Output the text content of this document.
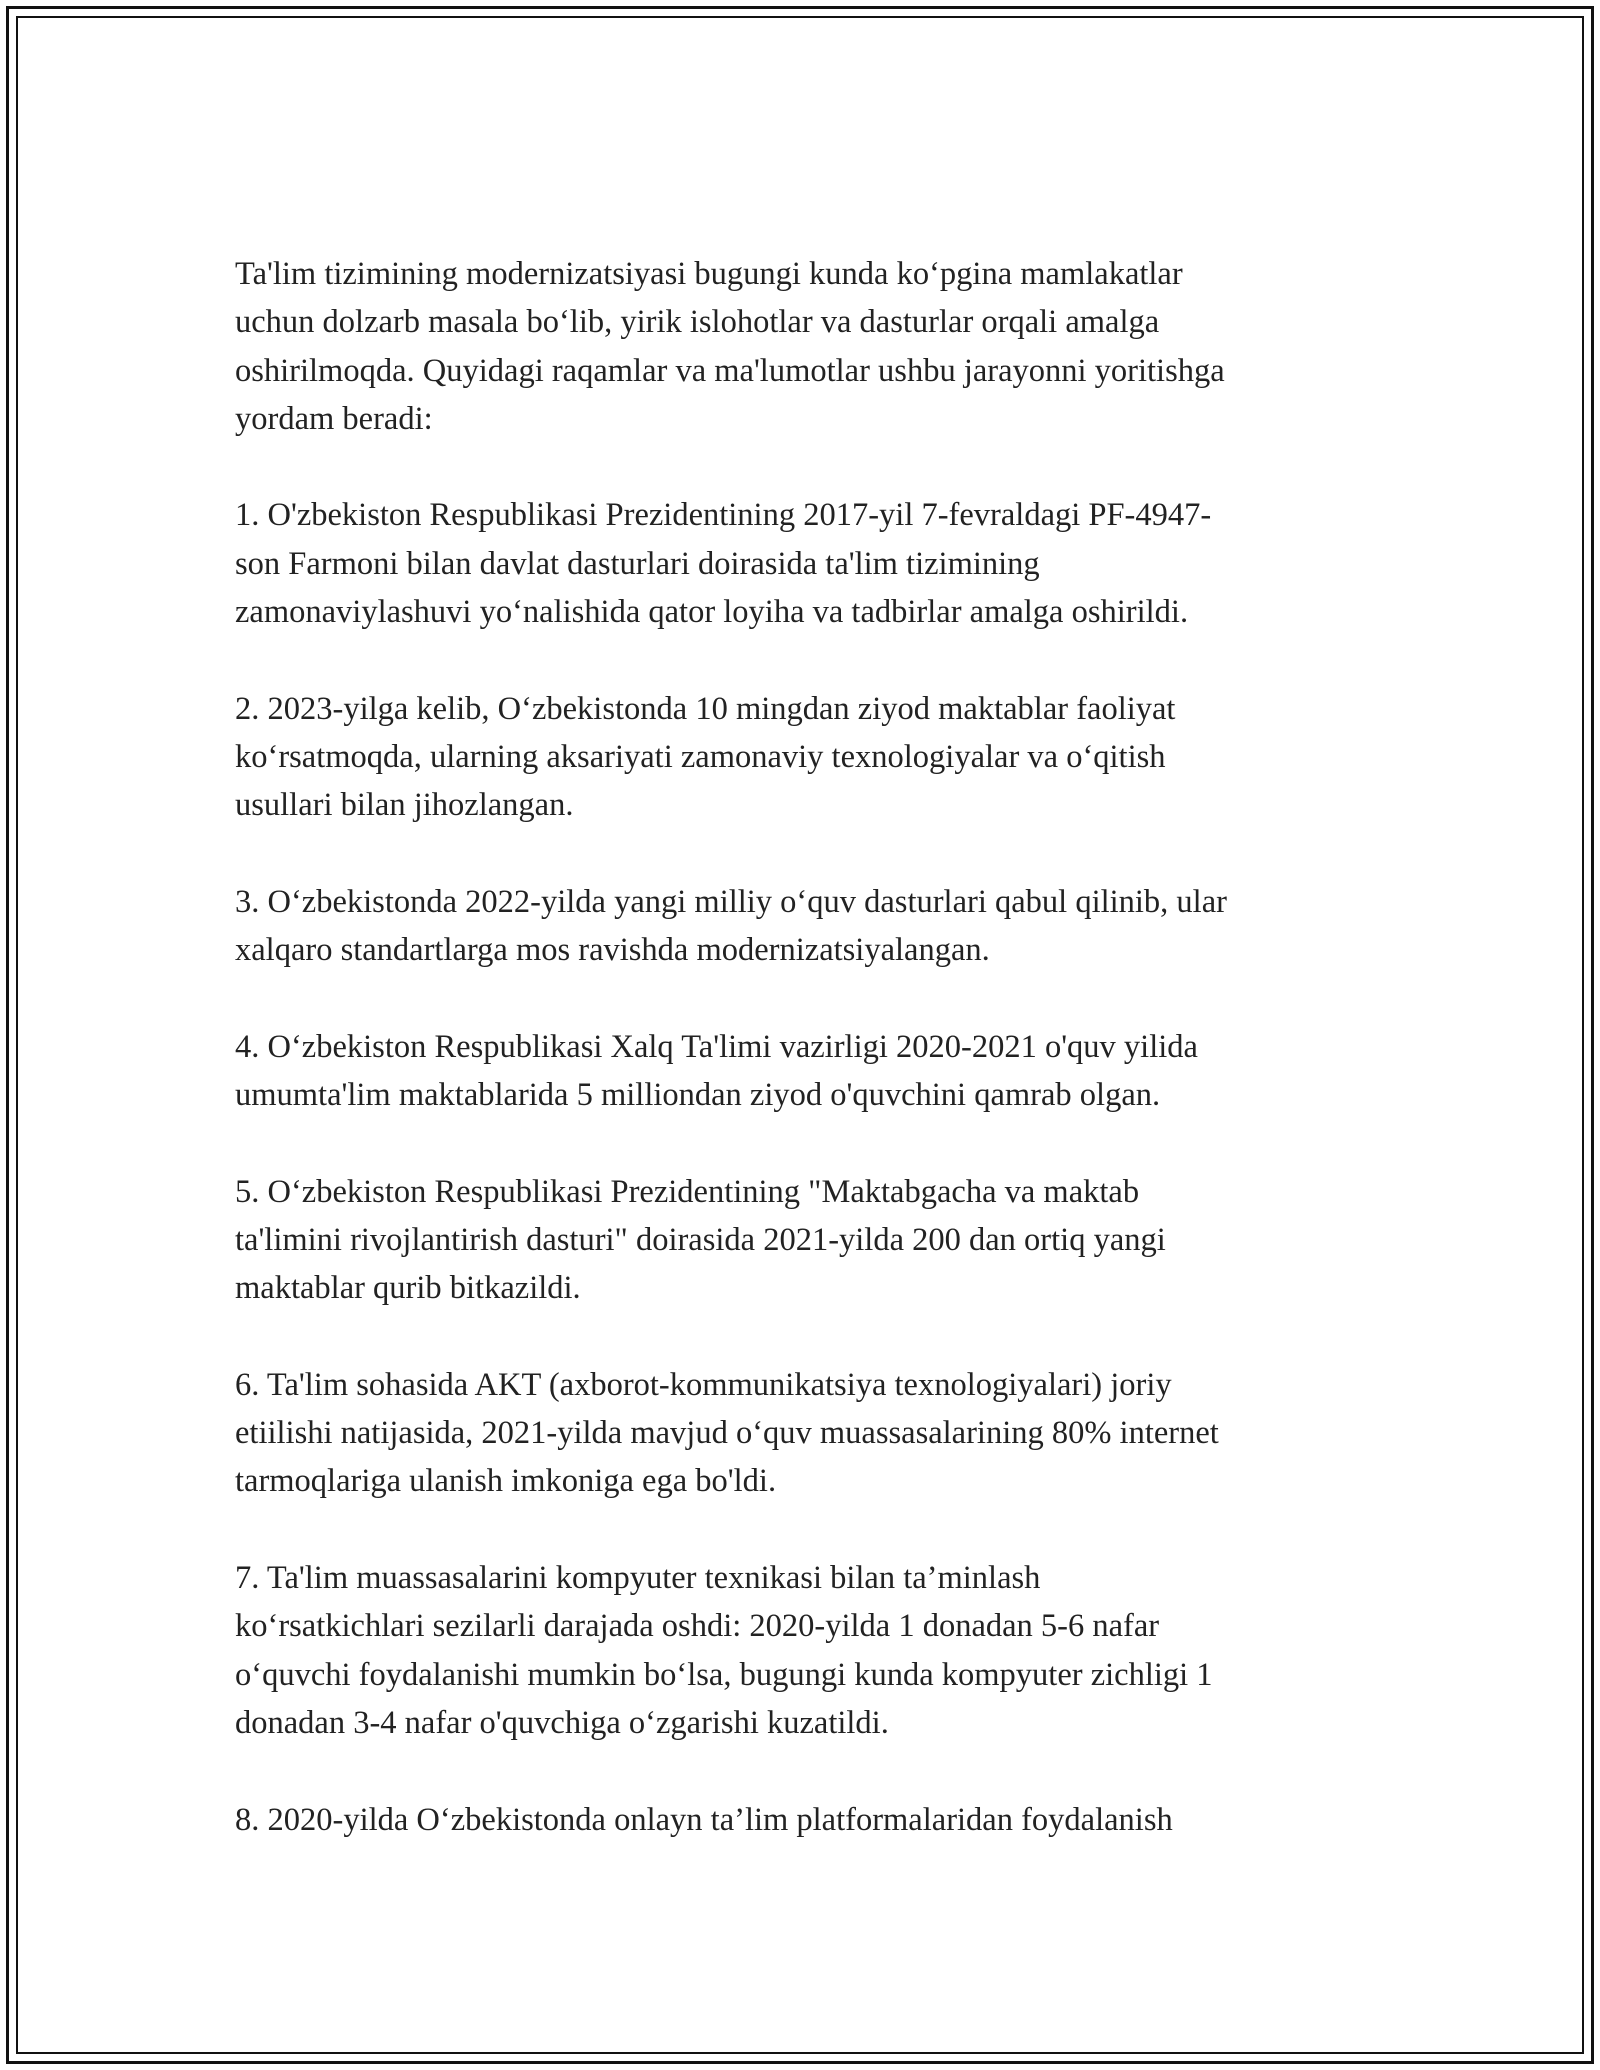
Ta'lim tizimining modernizatsiyasi bugungi kunda ko‘pgina mamlakatlar
uchun dolzarb masala bo‘lib, yirik islohotlar va dasturlar orqali amalga
oshirilmoqda. Quyidagi raqamlar va ma'lumotlar ushbu jarayonni yoritishga
yordam beradi:

1. O'zbekiston Respublikasi Prezidentining 2017-yil 7-fevraldagi PF-4947-
son Farmoni bilan davlat dasturlari doirasida ta'lim tizimining
zamonaviylashuvi yo‘nalishida qator loyiha va tadbirlar amalga oshirildi.

2. 2023-yilga kelib, O‘zbekistonda 10 mingdan ziyod maktablar faoliyat
ko‘rsatmoqda, ularning aksariyati zamonaviy texnologiyalar va o‘qitish
usullari bilan jihozlangan.

3. O‘zbekistonda 2022-yilda yangi milliy o‘quv dasturlari qabul qilinib, ular
xalqaro standartlarga mos ravishda modernizatsiyalangan.

4. O‘zbekiston Respublikasi Xalq Ta'limi vazirligi 2020-2021 o'quv yilida
umumta'lim maktablarida 5 milliondan ziyod o'quvchini qamrab olgan.

5. O‘zbekiston Respublikasi Prezidentining "Maktabgacha va maktab
ta'limini rivojlantirish dasturi" doirasida 2021-yilda 200 dan ortiq yangi
maktablar qurib bitkazildi.

6. Ta'lim sohasida AKT (axborot-kommunikatsiya texnologiyalari) joriy
etiilishi natijasida, 2021-yilda mavjud o‘quv muassasalarining 80% internet
tarmoqlariga ulanish imkoniga ega bo'ldi.

7. Ta'lim muassasalarini kompyuter texnikasi bilan ta’minlash
ko‘rsatkichlari sezilarli darajada oshdi: 2020-yilda 1 donadan 5-6 nafar
o‘quvchi foydalanishi mumkin bo‘lsa, bugungi kunda kompyuter zichligi 1
donadan 3-4 nafar o'quvchiga o‘zgarishi kuzatildi.

8. 2020-yilda O‘zbekistonda onlayn ta’lim platformalaridan foydalanish
